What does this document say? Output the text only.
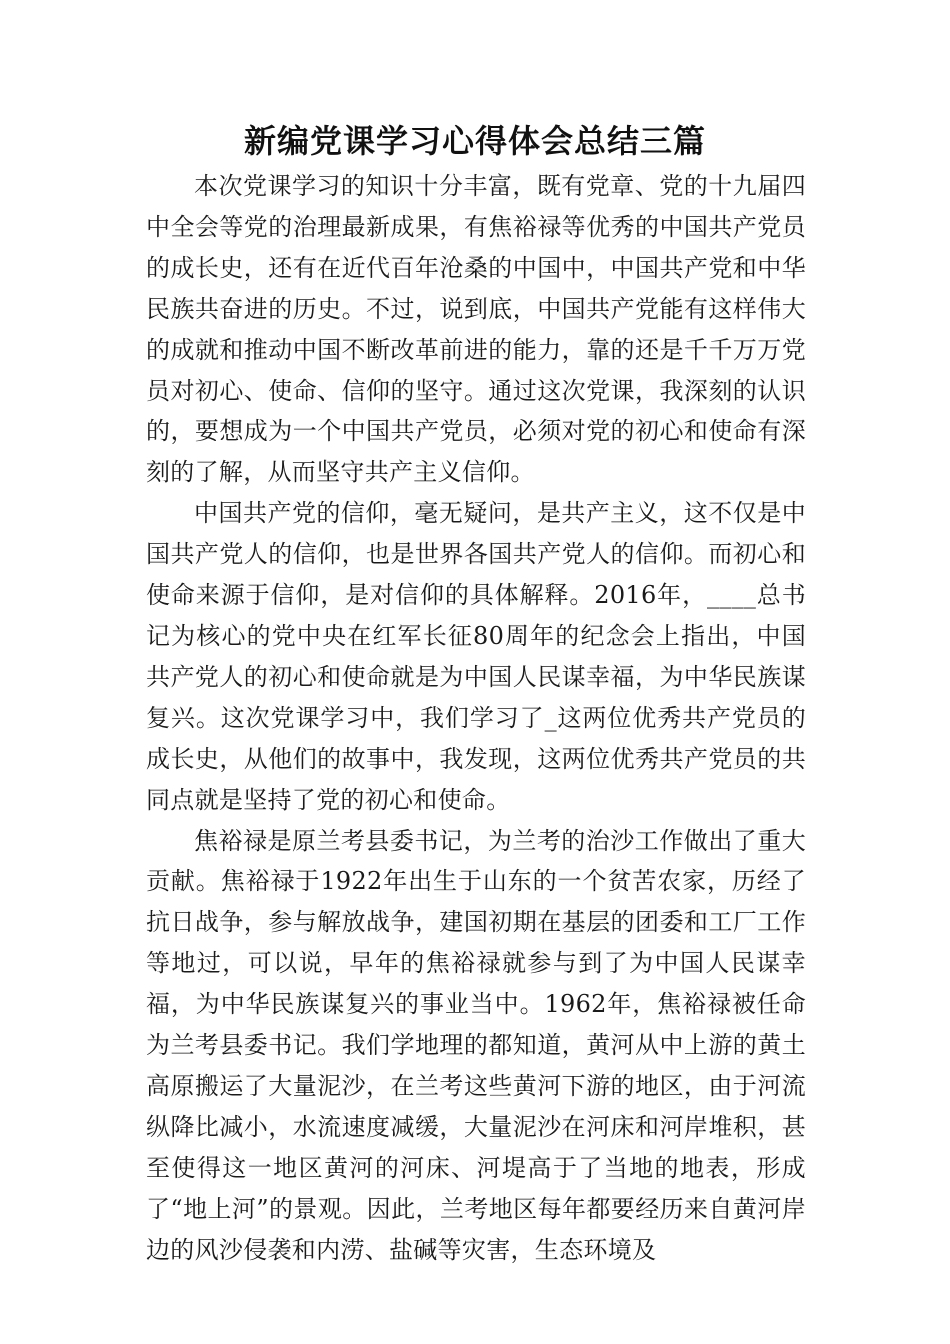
新编党课学习心得体会总结三篇

本次党课学习的知识十分丰富，既有党章、党的十九届四中全会等党的治理最新成果，有焦裕禄等优秀的中国共产党员的成长史，还有在近代百年沧桑的中国中，中国共产党和中华民族共奋进的历史。不过，说到底，中国共产党能有这样伟大的成就和推动中国不断改革前进的能力，靠的还是千千万万党员对初心、使命、信仰的坚守。通过这次党课，我深刻的认识的，要想成为一个中国共产党员，必须对党的初心和使命有深刻的了解，从而坚守共产主义信仰。

中国共产党的信仰，毫无疑问，是共产主义，这不仅是中国共产党人的信仰，也是世界各国共产党人的信仰。而初心和使命来源于信仰，是对信仰的具体解释。2016年，____总书记为核心的党中央在红军长征80周年的纪念会上指出，中国共产党人的初心和使命就是为中国人民谋幸福，为中华民族谋复兴。这次党课学习中，我们学习了_这两位优秀共产党员的成长史，从他们的故事中，我发现，这两位优秀共产党员的共同点就是坚持了党的初心和使命。

焦裕禄是原兰考县委书记，为兰考的治沙工作做出了重大贡献。焦裕禄于1922年出生于山东的一个贫苦农家，历经了抗日战争，参与解放战争，建国初期在基层的团委和工厂工作等地过，可以说，早年的焦裕禄就参与到了为中国人民谋幸福，为中华民族谋复兴的事业当中。1962年，焦裕禄被任命为兰考县委书记。我们学地理的都知道，黄河从中上游的黄土高原搬运了大量泥沙，在兰考这些黄河下游的地区，由于河流纵降比减小，水流速度减缓，大量泥沙在河床和河岸堆积，甚至使得这一地区黄河的河床、河堤高于了当地的地表，形成了“地上河”的景观。因此，兰考地区每年都要经历来自黄河岸边的风沙侵袭和内涝、盐碱等灾害，生态环境及
